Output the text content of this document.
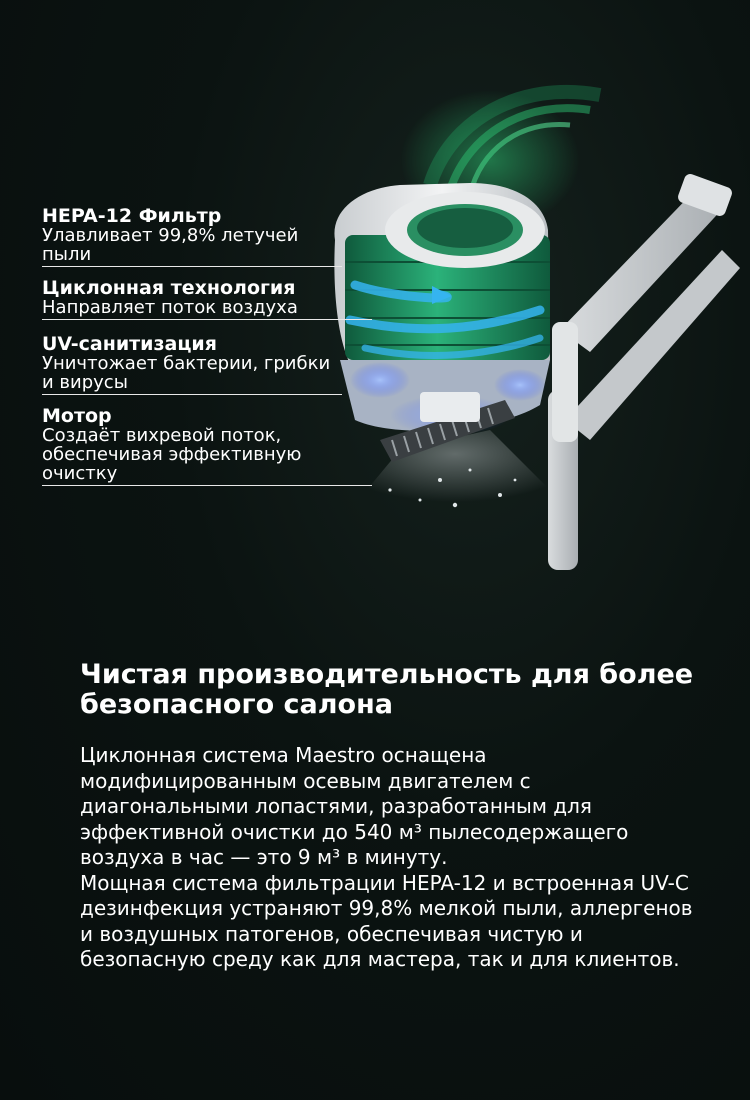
HEPA-12 Фильтр
Улавливает 99,8% летучей пыли
Циклонная технология
Направляет поток воздуха
UV-санитизация
Уничтожает бактерии, грибки и вирусы
Мотор
Создаёт вихревой поток, обеспечивая эффективную очистку
Чистая производительность для более безопасного салона

Циклонная система Maestro оснащена модифицированным осевым двигателем с диагональными лопастями, разработанным для эффективной очистки до 540 м³ пылесодержащего воздуха в час — это 9 м³ в минуту.

Мощная система фильтрации HEPA-12 и встроенная UV-C дезинфекция устраняют 99,8% мелкой пыли, аллергенов и воздушных патогенов, обеспечивая чистую и безопасную среду как для мастера, так и для клиентов.
